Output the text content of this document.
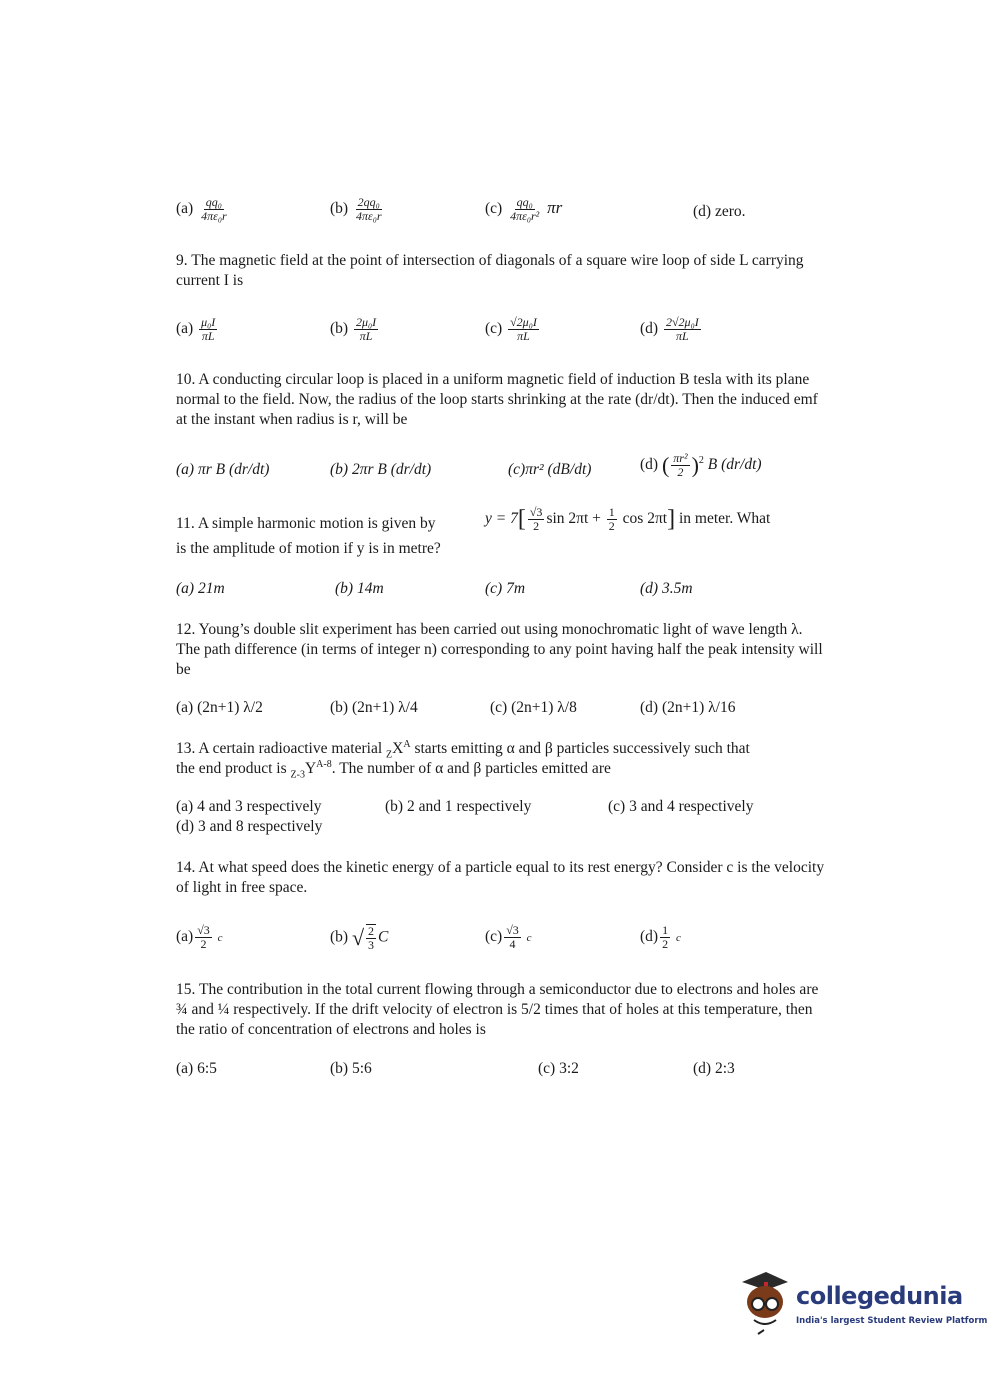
$(a) \frac{\text{qq₀}}{\text{4πε₀r}}$	$(b) \frac{\text{2qq₀}}{\text{4πε₀r}}$	$(c) \frac{\text{qq₀}}{\text{4πε₀r²}}$ πr	(d) zero.
9. The magnetic field at the point of intersection of diagonals of a square wire loop of side L carrying current I is
$(a) \frac{\text{μ₀I}}{\pi L}$	$(b) \frac{\text{2μ₀I}}{\pi L}$	$(c) \frac{\text{√2μ₀I}}{\pi L}$	$(d) \frac{\text{2√2μ₀I}}{\pi L}$
10. A conducting circular loop is placed in a uniform magnetic field of induction B tesla with its plane normal to the field. Now, the radius of the loop starts shrinking at the rate (dr/dt). Then the induced emf at the instant when radius is r, will be
(a) πr B (dr/dt)	(b) 2πr B (dr/dt)	(c)πr² (dB/dt)	(d) ( $\frac{\text{πr²}}{2} )^2$ B (dr/dt)
11. A simple harmonic motion is given by	$y = 7[ \frac{√3}{2}$ $\sin 2\pi t + \frac{1}{2}$ cos 2πt] in meter. What
is the amplitude of motion if y is in metre?
(a) 21m	(b) 14m	(c) 7m	(d) 3.5m
12. Young’s double slit experiment has been carried out using monochromatic light of wave length λ. The path difference (in terms of integer n) corresponding to any point having half the peak intensity will be
(a) (2n+1) λ/2	(b) (2n+1) λ/4	(c) (2n+1) λ/8	(d) (2n+1) λ/16
13. A certain radioactive material $_ZX^A$ starts emitting α and β particles successively such that
the end product is $_{Z-3}Y^{A-8}$. The number of α and β particles emitted are
(a) 4 and 3 respectively	(b) 2 and 1 respectively	(c) 3 and 4 respectively
(d) 3 and 8 respectively
14. At what speed does the kinetic energy of a particle equal to its rest energy? Consider c is the velocity of light in free space.
$(a) \frac{√3}{2}$ c	(b) √ $\frac{2}{3}$ C	$(c) \frac{√3}{4}$ c	$(d) \frac{1}{2}$ c
15. The contribution in the total current flowing through a semiconductor due to electrons and holes are ¾ and ¼ respectively. If the drift velocity of electron is 5/2 times that of holes at this temperature, then the ratio of concentration of electrons and holes is
(a) 6:5	(b) 5:6	(c) 3:2	(d) 2:3
collegedunia
India's largest Student Review Platform
